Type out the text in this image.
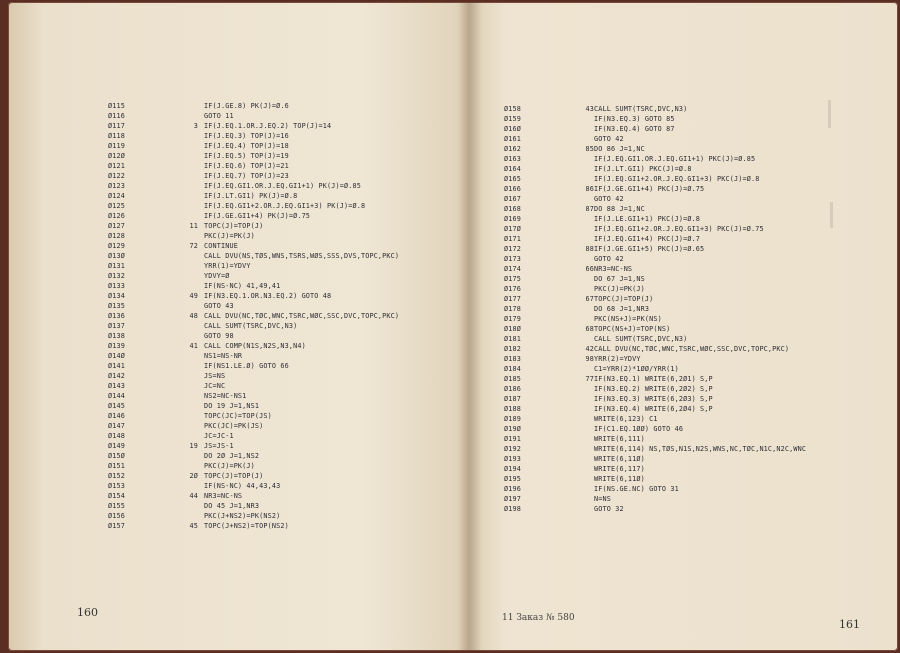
Ø115	IF(J.GE.8) PK(J)=Ø.6
Ø116	GOTO 11
Ø117	3 IF(J.EQ.1.OR.J.EQ.2) TOP(J)=14
Ø118	IF(J.EQ.3) TOP(J)=16
Ø119	IF(J.EQ.4) TOP(J)=18
Ø12Ø	IF(J.EQ.5) TOP(J)=19
Ø121	IF(J.EQ.6) TOP(J)=21
Ø122	IF(J.EQ.7) TOP(J)=23
Ø123	IF(J.EQ.GI1.OR.J.EQ.GI1+1) PK(J)=Ø.85
Ø124	IF(J.LT.GI1) PK(J)=Ø.8
Ø125	IF(J.EQ.GI1+2.OR.J.EQ.GI1+3) PK(J)=Ø.8
Ø126	IF(J.GE.GI1+4) PK(J)=Ø.75
Ø127	11 TOPC(J)=TOP(J)
Ø128	PKC(J)=PK(J)
Ø129	72 CONTINUE
Ø13Ø	CALL DVU(NS,TØS,WNS,TSRS,WØS,SSS,DVS,TOPC,PKC)
Ø131	YRR(1)=YDVY
Ø132	YDVY=Ø
Ø133	IF(NS-NC) 41,49,41
Ø134	49 IF(N3.EQ.1.OR.N3.EQ.2) GOTO 48
Ø135	GOTO 43
Ø136	48 CALL DVU(NC,TØC,WNC,TSRC,WØC,SSC,DVC,TOPC,PKC)
Ø137	CALL SUMT(TSRC,DVC,N3)
Ø138	GOTO 98
Ø139	41 CALL COMP(N1S,N2S,N3,N4)
Ø14Ø	NS1=NS-NR
Ø141	IF(NS1.LE.Ø) GOTO 66
Ø142	JS=NS
Ø143	JC=NC
Ø144	NS2=NC-NS1
Ø145	DO 19 J=1,NS1
Ø146	TOPC(JC)=TOP(JS)
Ø147	PKC(JC)=PK(JS)
Ø148	JC=JC-1
Ø149	19 JS=JS-1
Ø15Ø	DO 2Ø J=1,NS2
Ø151	PKC(J)=PK(J)
Ø152	2Ø TOPC(J)=TOP(J)
Ø153	IF(NS-NC) 44,43,43
Ø154	44 NR3=NC-NS
Ø155	DO 45 J=1,NR3
Ø156	PKC(J+NS2)=PK(NS2)
Ø157	45 TOPC(J+NS2)=TOP(NS2)
160
Ø158	43 CALL SUMT(TSRC,DVC,N3)
Ø159	IF(N3.EQ.3) GOTO 85
Ø16Ø	IF(N3.EQ.4) GOTO 87
Ø161	GOTO 42
Ø162	85 DO 86 J=1,NC
Ø163	IF(J.EQ.GI1.OR.J.EQ.GI1+1) PKC(J)=Ø.85
Ø164	IF(J.LT.GI1) PKC(J)=Ø.8
Ø165	IF(J.EQ.GI1+2.OR.J.EQ.GI1+3) PKC(J)=Ø.8
Ø166	86 IF(J.GE.GI1+4) PKC(J)=Ø.75
Ø167	GOTO 42
Ø168	87 DO 88 J=1,NC
Ø169	IF(J.LE.GI1+1) PKC(J)=Ø.8
Ø17Ø	IF(J.EQ.GI1+2.OR.J.EQ.GI1+3) PKC(J)=Ø.75
Ø171	IF(J.EQ.GI1+4) PKC(J)=Ø.7
Ø172	88 IF(J.GE.GI1+5) PKC(J)=Ø.65
Ø173	GOTO 42
Ø174	66 NR3=NC-NS
Ø175	DO 67 J=1,NS
Ø176	PKC(J)=PK(J)
Ø177	67 TOPC(J)=TOP(J)
Ø178	DO 68 J=1,NR3
Ø179	PKC(NS+J)=PK(NS)
Ø18Ø	68 TOPC(NS+J)=TOP(NS)
Ø181	CALL SUMT(TSRC,DVC,N3)
Ø182	42 CALL DVU(NC,TØC,WNC,TSRC,WØC,SSC,DVC,TOPC,PKC)
Ø183	98 YRR(2)=YDVY
Ø184	C1=YRR(2)*1ØØ/YRR(1)
Ø185	77 IF(N3.EQ.1) WRITE(6,2Ø1) S,P
Ø186	IF(N3.EQ.2) WRITE(6,2Ø2) S,P
Ø187	IF(N3.EQ.3) WRITE(6,2Ø3) S,P
Ø188	IF(N3.EQ.4) WRITE(6,2Ø4) S,P
Ø189	WRITE(6,123) C1
Ø19Ø	IF(C1.EQ.1ØØ) GOTO 46
Ø191	WRITE(6,111)
Ø192	WRITE(6,114) NS,TØS,N1S,N2S,WNS,NC,TØC,N1C,N2C,WNC
Ø193	WRITE(6,11Ø)
Ø194	WRITE(6,117)
Ø195	WRITE(6,11Ø)
Ø196	IF(NS.GE.NC) GOTO 31
Ø197	N=NS
Ø198	GOTO 32
11 Заказ № 580	161
